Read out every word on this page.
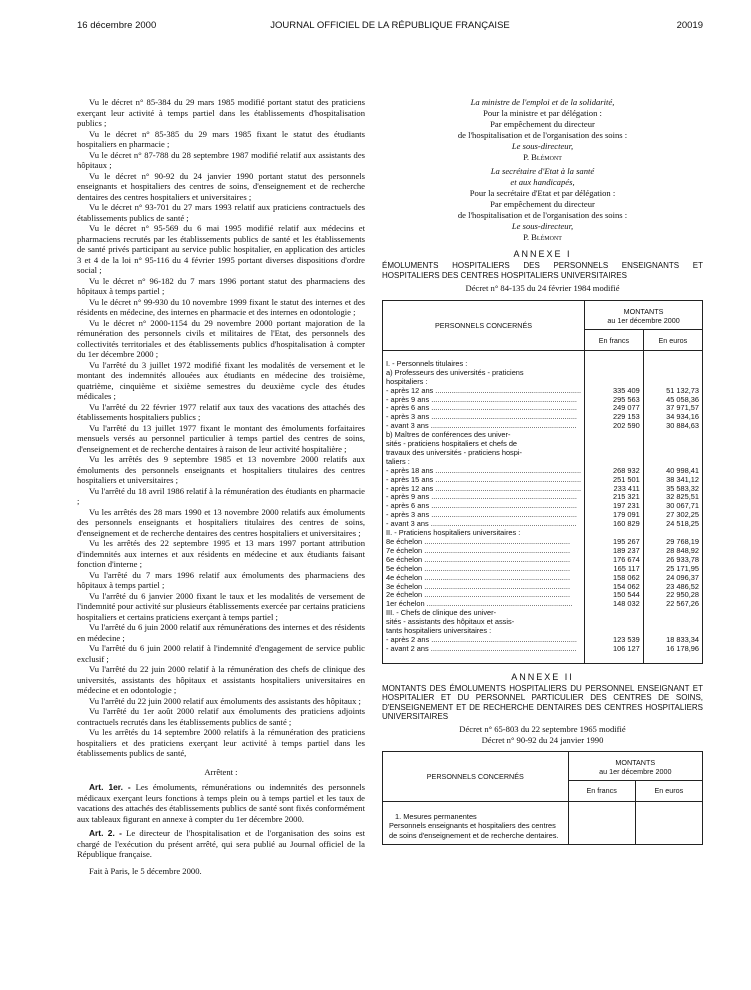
16 décembre 2000	JOURNAL OFFICIEL DE LA RÉPUBLIQUE FRANÇAISE	20019

Vu le décret n° 85-384 du 29 mars 1985 modifié portant statut des praticiens exerçant leur activité à temps partiel dans les établissements d'hospitalisation publics ;

Vu le décret n° 85-385 du 29 mars 1985 fixant le statut des étudiants hospitaliers en pharmacie ;

Vu le décret n° 87-788 du 28 septembre 1987 modifié relatif aux assistants des hôpitaux ;

Vu le décret n° 90-92 du 24 janvier 1990 portant statut des personnels enseignants et hospitaliers des centres de soins, d'enseignement et de recherche dentaires des centres hospitaliers et universitaires ;

Vu le décret n° 93-701 du 27 mars 1993 relatif aux praticiens contractuels des établissements publics de santé ;

Vu le décret n° 95-569 du 6 mai 1995 modifié relatif aux médecins et pharmaciens recrutés par les établissements publics de santé et les établissements de santé privés participant au service public hospitalier, en application des articles 3 et 4 de la loi n° 95-116 du 4 février 1995 portant diverses dispositions d'ordre social ;

Vu le décret n° 96-182 du 7 mars 1996 portant statut des pharmaciens des hôpitaux à temps partiel ;

Vu le décret n° 99-930 du 10 novembre 1999 fixant le statut des internes et des résidents en médecine, des internes en pharmacie et des internes en odontologie ;

Vu le décret n° 2000-1154 du 29 novembre 2000 portant majoration de la rémunération des personnels civils et militaires de l'Etat, des personnels des collectivités territoriales et des établissements publics d'hospitalisation à compter du 1er décembre 2000 ;

Vu l'arrêté du 3 juillet 1972 modifié fixant les modalités de versement et le montant des indemnités allouées aux étudiants en médecine des troisième, quatrième, cinquième et sixième semestres du deuxième cycle des études médicales ;

Vu l'arrêté du 22 février 1977 relatif aux taux des vacations des attachés des établissements hospitaliers publics ;

Vu l'arrêté du 13 juillet 1977 fixant le montant des émoluments forfaitaires mensuels versés au personnel particulier à temps partiel des centres de soins, d'enseignement et de recherche dentaires à raison de leur activité hospitalière ;

Vu les arrêtés des 9 septembre 1985 et 13 novembre 2000 relatifs aux émoluments des personnels enseignants et hospitaliers titulaires des centres hospitaliers et universitaires ;

Vu l'arrêté du 18 avril 1986 relatif à la rémunération des étudiants en pharmacie ;

Vu les arrêtés des 28 mars 1990 et 13 novembre 2000 relatifs aux émoluments des personnels enseignants et hospitaliers titulaires des centres de soins, d'enseignement et de recherche dentaires des centres hospitaliers et universitaires ;

Vu les arrêtés des 22 septembre 1995 et 13 mars 1997 portant attribution d'indemnités aux internes et aux résidents en médecine et aux étudiants faisant fonction d'interne ;

Vu l'arrêté du 7 mars 1996 relatif aux émoluments des pharmaciens des hôpitaux à temps partiel ;

Vu l'arrêté du 6 janvier 2000 fixant le taux et les modalités de versement de l'indemnité pour activité sur plusieurs établissements exercée par certains praticiens hospitaliers et certains praticiens exerçant à temps partiel ;

Vu l'arrêté du 6 juin 2000 relatif aux rémunérations des internes et des résidents en médecine ;

Vu l'arrêté du 6 juin 2000 relatif à l'indemnité d'engagement de service public exclusif ;

Vu l'arrêté du 22 juin 2000 relatif à la rémunération des chefs de clinique des universités, assistants des hôpitaux et assistants hospitaliers universitaires en médecine et en odontologie ;

Vu l'arrêté du 22 juin 2000 relatif aux émoluments des assistants des hôpitaux ;

Vu l'arrêté du 1er août 2000 relatif aux émoluments des praticiens adjoints contractuels recrutés dans les établissements publics de santé ;

Vu les arrêtés du 14 septembre 2000 relatifs à la rémunération des praticiens hospitaliers et des praticiens exerçant leur activité à temps partiel dans les établissements publics de santé,

Arrêtent :

Art. 1er. - Les émoluments, rémunérations ou indemnités des personnels médicaux exerçant leurs fonctions à temps plein ou à temps partiel et les taux de vacations des attachés des établissements publics de santé sont fixés conformément aux tableaux figurant en annexe à compter du 1er décembre 2000.

Art. 2. - Le directeur de l'hospitalisation et de l'organisation des soins est chargé de l'exécution du présent arrêté, qui sera publié au Journal officiel de la République française.

Fait à Paris, le 5 décembre 2000.

La ministre de l'emploi et de la solidarité,
Pour la ministre et par délégation :
Par empêchement du directeur
de l'hospitalisation et de l'organisation des soins :
Le sous-directeur,
P. Blémont
La secrétaire d'Etat à la santé
et aux handicapés,
Pour la secrétaire d'Etat et par délégation :
Par empêchement du directeur
de l'hospitalisation et de l'organisation des soins :
Le sous-directeur,
P. Blémont
ANNEXE I
ÉMOLUMENTS HOSPITALIERS DES PERSONNELS ENSEIGNANTS ET HOSPITALIERS DES CENTRES HOSPITALIERS UNIVERSITAIRES
Décret n° 84-135 du 24 février 1984 modifié
PERSONNELS CONCERNÉS	MONTANTS
au 1er décembre 2000	

	En francs	En euros

I. - Personnels titulaires :		

a) Professeurs des universités - praticiens		

hospitaliers :		

- après 12 ans .....	335 409	51 132,73

- après 9 ans .....	295 563	45 058,36

- après 6 ans .....	249 077	37 971,57

- après 3 ans .....	229 153	34 934,16

- avant 3 ans .....	202 590	30 884,63

b) Maîtres de conférences des univer-		

sités - praticiens hospitaliers et chefs de		

travaux des universités - praticiens hospi-		

taliers :		

- après 18 ans .....	268 932	40 998,41

- après 15 ans .....	251 501	38 341,12

- après 12 ans .....	233 411	35 583,32

- après 9 ans .....	215 321	32 825,51

- après 6 ans .....	197 231	30 067,71

- après 3 ans .....	179 091	27 302,25

- avant 3 ans .....	160 829	24 518,25

II. - Praticiens hospitaliers universitaires :		

8e échelon .....	195 267	29 768,19

7e échelon .....	189 237	28 848,92

6e échelon .....	176 674	26 933,78

5e échelon .....	165 117	25 171,95

4e échelon .....	158 062	24 096,37

3e échelon .....	154 062	23 486,52

2e échelon .....	150 544	22 950,28

1er échelon .....	148 032	22 567,26

III. - Chefs de clinique des univer-		

sités - assistants des hôpitaux et assis-		

tants hospitaliers universitaires :		

- après 2 ans .....	123 539	18 833,34

- avant 2 ans .....	106 127	16 178,96

ANNEXE II
MONTANTS DES ÉMOLUMENTS HOSPITALIERS DU PERSONNEL ENSEIGNANT ET HOSPITALIER ET DU PERSONNEL PARTICULIER DES CENTRES DE SOINS, D'ENSEIGNEMENT ET DE RECHERCHE DENTAIRES DES CENTRES HOSPITALIERS UNIVERSITAIRES
Décret n° 65-803 du 22 septembre 1965 modifié
Décret n° 90-92 du 24 janvier 1990
PERSONNELS CONCERNÉS	MONTANTS
au 1er décembre 2000	

	En francs	En euros

1. Mesures permanentes
Personnels enseignants et hospitaliers des centres de soins d'enseignement et de recherche dentaires.		
